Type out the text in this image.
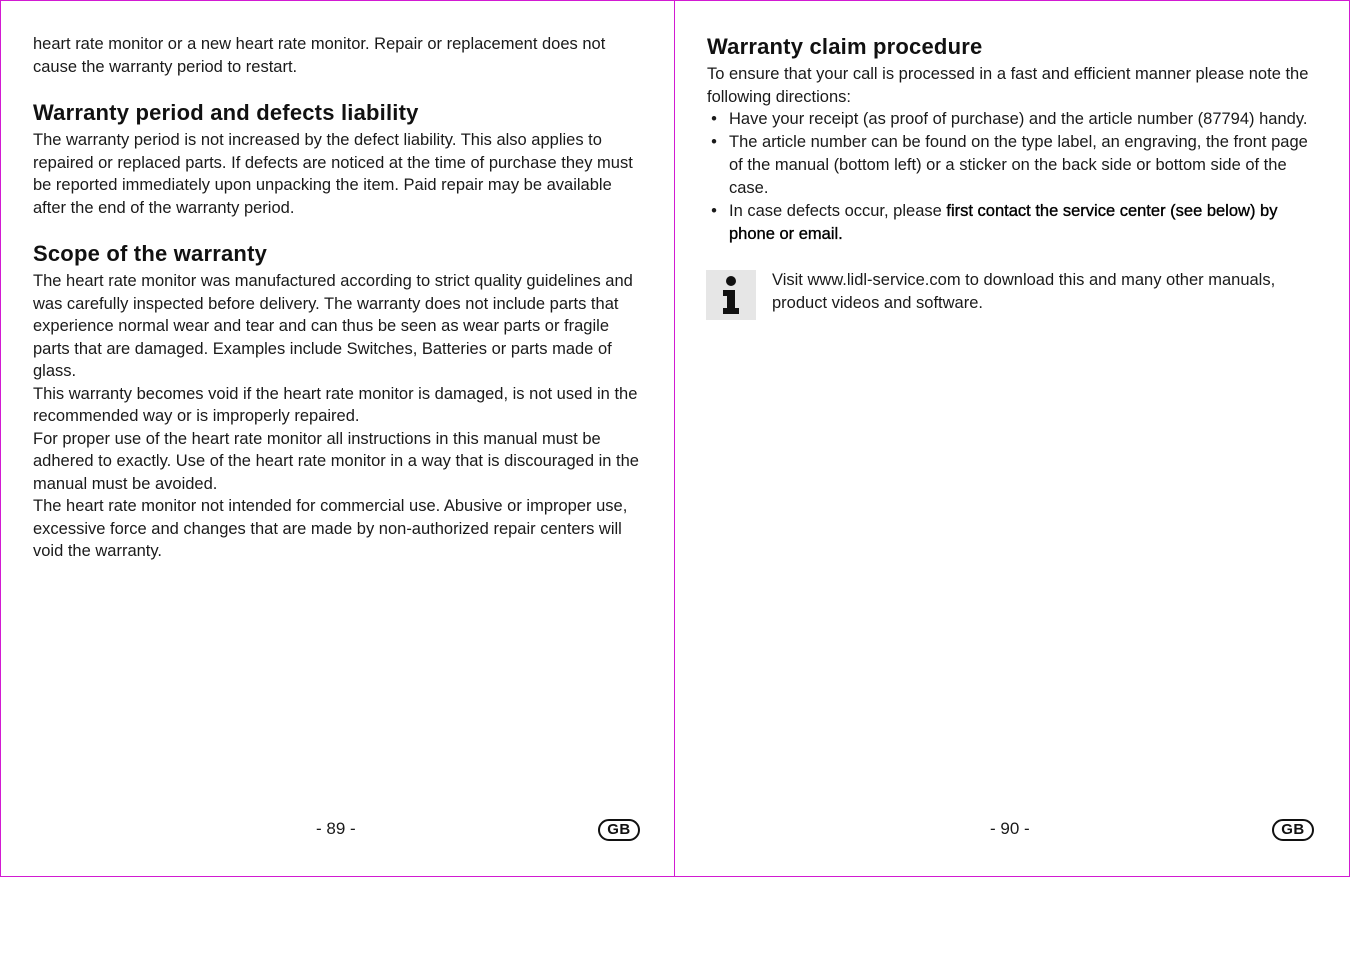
heart rate monitor or a new heart rate monitor. Repair or replacement does not cause the warranty period to restart.

Warranty period and defects liability

The warranty period is not increased by the defect liability. This also applies to repaired or replaced parts. If defects are noticed at the time of purchase they must be reported immediately upon unpacking the item. Paid repair may be available after the end of the warranty period.

Scope of the warranty

The heart rate monitor was manufactured according to strict quality guidelines and was carefully inspected before delivery. The warranty does not include parts that experience normal wear and tear and can thus be seen as wear parts or fragile parts that are damaged. Examples include Switches, Batteries or parts made of glass.

This warranty becomes void if the heart rate monitor is damaged, is not used in the recommended way or is improperly repaired.

For proper use of the heart rate monitor all instructions in this manual must be adhered to exactly. Use of the heart rate monitor in a way that is discouraged in the manual must be avoided.

The heart rate monitor not intended for commercial use. Abusive or improper use, excessive force and changes that are made by non-authorized repair centers will void the warranty.

- 89 -	GB
Warranty claim procedure

To ensure that your call is processed in a fast and efficient manner please note the following directions:

• Have your receipt (as proof of purchase) and the article number (87794) handy.
• The article number can be found on the type label, an engraving, the front page of the manual (bottom left) or a sticker on the back side or bottom side of the case.
• In case defects occur, please first contact the service center (see below) by phone or email.

Visit www.lidl-service.com to download this and many other manuals, product videos and software.

- 90 -	GB
